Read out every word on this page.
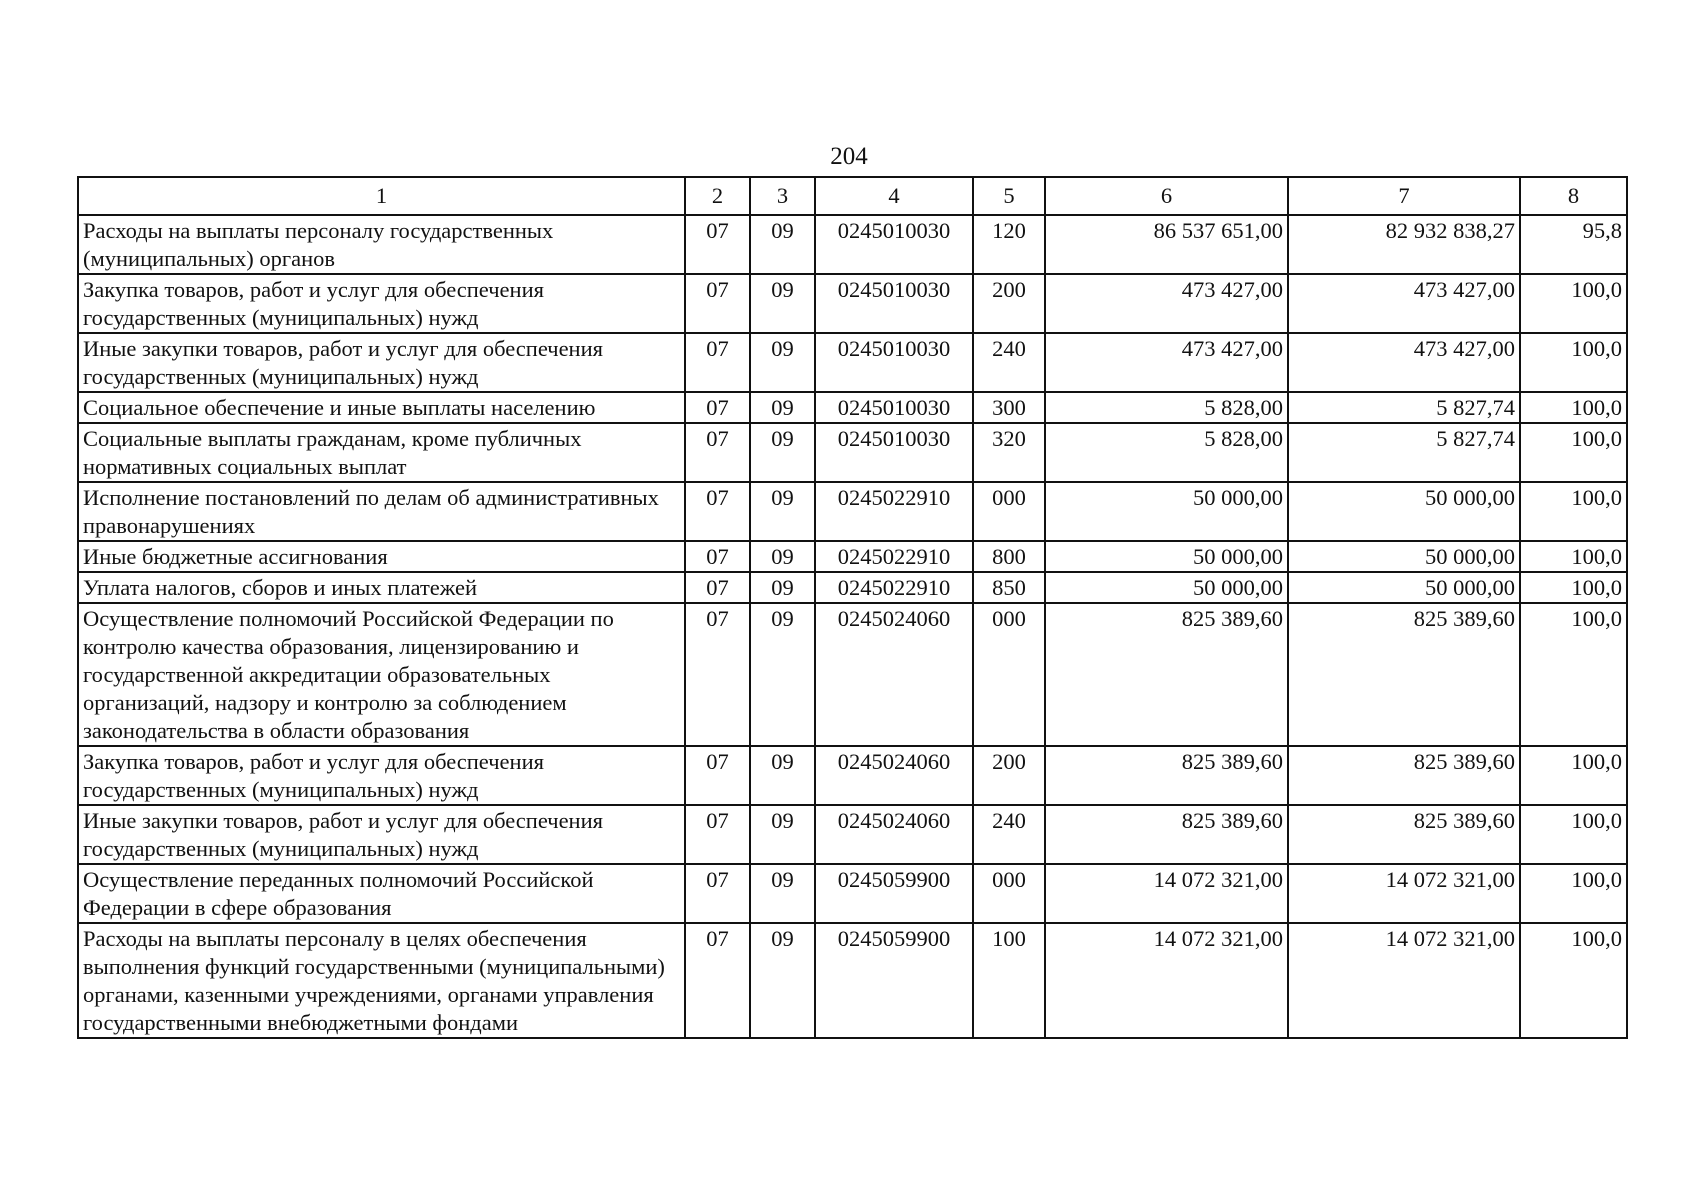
204
1	2	3	4	5	6	7	8
Расходы на выплаты персоналу государственных (муниципальных) органов	07	09	0245010030	120	86 537 651,00	82 932 838,27	95,8
Закупка товаров, работ и услуг для обеспечения государственных (муниципальных) нужд	07	09	0245010030	200	473 427,00	473 427,00	100,0
Иные закупки товаров, работ и услуг для обеспечения государственных (муниципальных) нужд	07	09	0245010030	240	473 427,00	473 427,00	100,0
Социальное обеспечение и иные выплаты населению	07	09	0245010030	300	5 828,00	5 827,74	100,0
Социальные выплаты гражданам, кроме публичных нормативных социальных выплат	07	09	0245010030	320	5 828,00	5 827,74	100,0
Исполнение постановлений по делам об административных правонарушениях	07	09	0245022910	000	50 000,00	50 000,00	100,0
Иные бюджетные ассигнования	07	09	0245022910	800	50 000,00	50 000,00	100,0
Уплата налогов, сборов и иных платежей	07	09	0245022910	850	50 000,00	50 000,00	100,0
Осуществление полномочий Российской Федерации по контролю качества образования, лицензированию и государственной аккредитации образовательных организаций, надзору и контролю за соблюдением законодательства в области образования	07	09	0245024060	000	825 389,60	825 389,60	100,0
Закупка товаров, работ и услуг для обеспечения государственных (муниципальных) нужд	07	09	0245024060	200	825 389,60	825 389,60	100,0
Иные закупки товаров, работ и услуг для обеспечения государственных (муниципальных) нужд	07	09	0245024060	240	825 389,60	825 389,60	100,0
Осуществление переданных полномочий Российской Федерации в сфере образования	07	09	0245059900	000	14 072 321,00	14 072 321,00	100,0
Расходы на выплаты персоналу в целях обеспечения выполнения функций государственными (муниципальными) органами, казенными учреждениями, органами управления государственными внебюджетными фондами	07	09	0245059900	100	14 072 321,00	14 072 321,00	100,0
